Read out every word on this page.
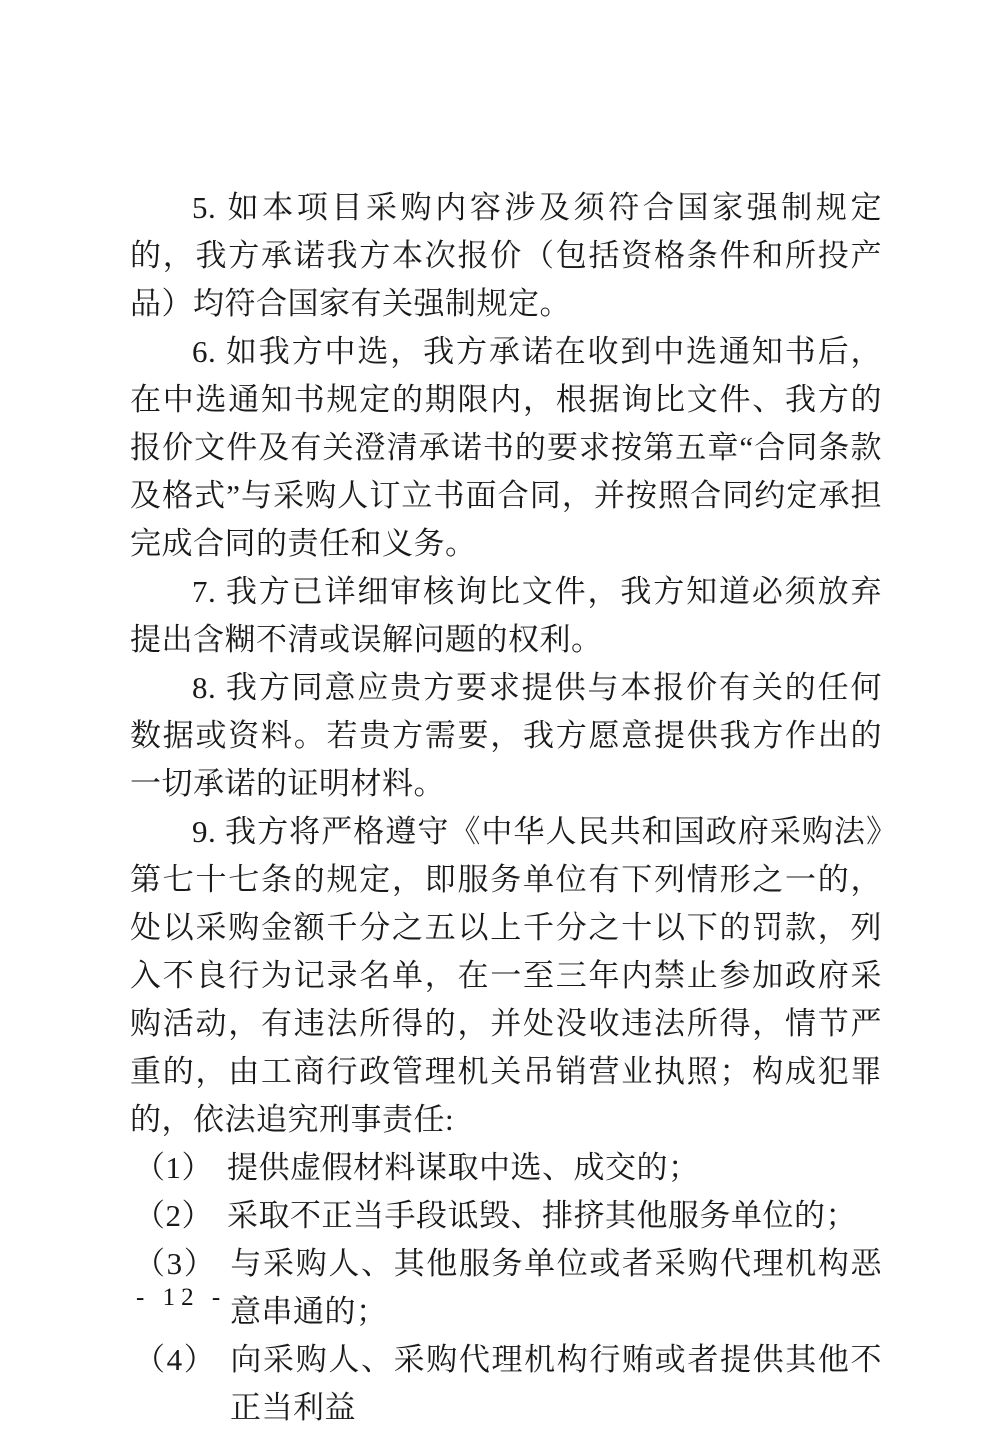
5. 如本项目采购内容涉及须符合国家强制规定的，我方承诺我方本次报价（包括资格条件和所投产品）均符合国家有关强制规定。

6. 如我方中选，我方承诺在收到中选通知书后，在中选通知书规定的期限内，根据询比文件、我方的报价文件及有关澄清承诺书的要求按第五章“合同条款及格式”与采购人订立书面合同，并按照合同约定承担完成合同的责任和义务。

7. 我方已详细审核询比文件，我方知道必须放弃提出含糊不清或误解问题的权利。

8. 我方同意应贵方要求提供与本报价有关的任何数据或资料。若贵方需要，我方愿意提供我方作出的一切承诺的证明材料。

9. 我方将严格遵守《中华人民共和国政府采购法》第七十七条的规定，即服务单位有下列情形之一的，处以采购金额千分之五以上千分之十以下的罚款，列入不良行为记录名单，在一至三年内禁止参加政府采购活动，有违法所得的，并处没收违法所得，情节严重的，由工商行政管理机关吊销营业执照；构成犯罪的，依法追究刑事责任:

（1） 提供虚假材料谋取中选、成交的；
（2） 采取不正当手段诋毁、排挤其他服务单位的；
（3） 与采购人、其他服务单位或者采购代理机构恶意串通的；
（4） 向采购人、采购代理机构行贿或者提供其他不正当利益
- 12 -
